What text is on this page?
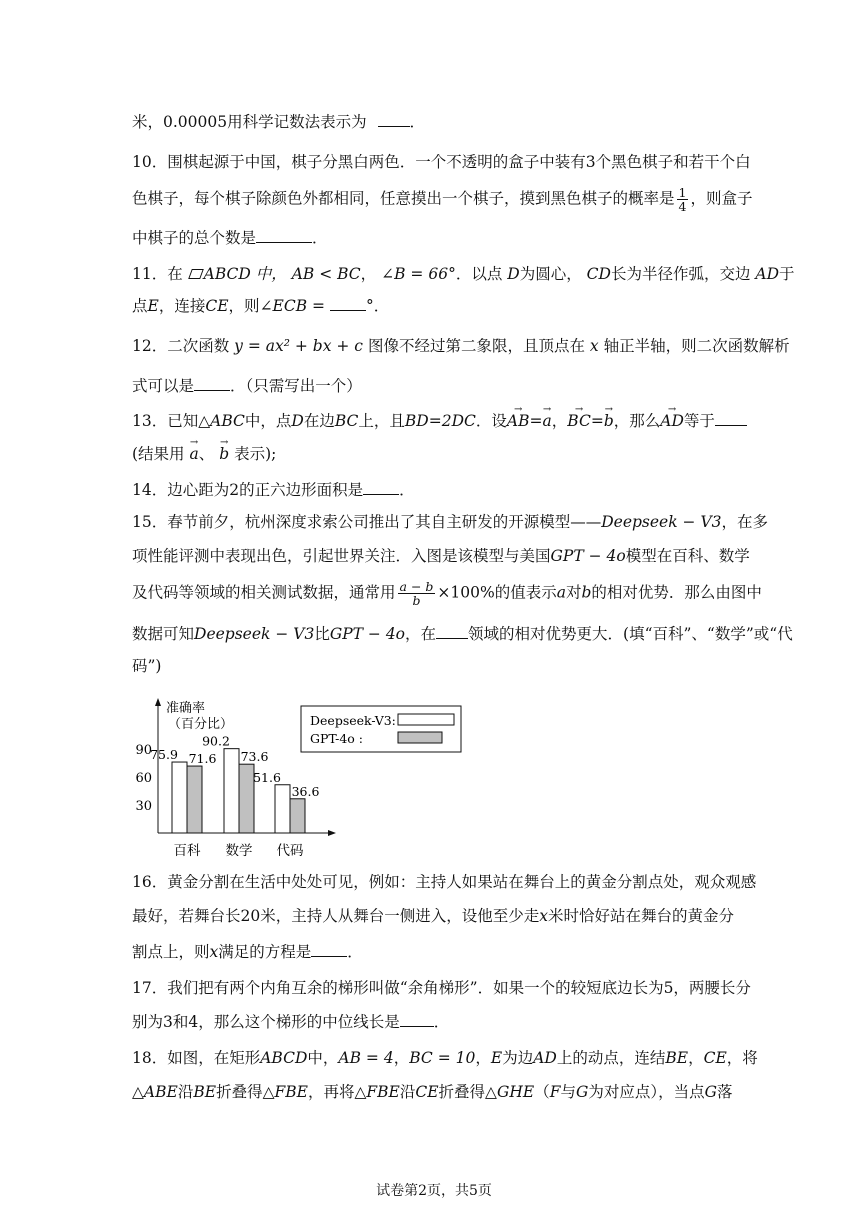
米，0.00005用科学记数法表示为	．
10．围棋起源于中国，棋子分黑白两色．一个不透明的盒子中装有3个黑色棋子和若干个白
色棋子，每个棋子除颜色外都相同，任意摸出一个棋子，摸到黑色棋子的概率是 $\frac{1}{4}$ ，则盒子
中棋子的总个数是	．
11．在 ABCD 中， AB < BC， ∠B = 66°．以点 D为圆心， CD长为半径作弧，交边 AD于
点E，连接CE，则∠ECB =	°．
12．二次函数 y = ax² + bx + c 图像不经过第二象限，且顶点在 x 轴正半轴，则二次函数解析
式可以是 ．（只需写出一个）
13．已知△ABC中，点D在边BC上，且BD=2DC．设→ AB=→ a，→ BC=→ b，那么→ AD等于
(结果用 → a、 → b 表示);
14．边心距为2的正六边形面积是 ．
15．春节前夕，杭州深度求索公司推出了其自主研发的开源模型——Deepseek − V3，在多
项性能评测中表现出色，引起世界关注．入图是该模型与美国GPT − 4o模型在百科、数学
及代码等领域的相关测试数据，通常用 $\frac{a - b}{b} \times 100\%$的值表示a对b的相对优势．那么由图中
数据可知Deepseek − V3比GPT − 4o，在 领域的相对优势更大．(填“百科”、“数学”或“代
码”)
准确率
（百分比）
30
60
90
75.9 71.6
百科
90.2
73.6
数学
51.6
36.6
代码
Deepseek-V3:
GPT-4o :
16．黄金分割在生活中处处可见，例如：主持人如果站在舞台上的黄金分割点处，观众观感
最好，若舞台长20米，主持人从舞台一侧进入，设他至少走x米时恰好站在舞台的黄金分
割点上，则x满足的方程是 ．
17．我们把有两个内角互余的梯形叫做“余角梯形”．如果一个的较短底边长为5，两腰长分
别为3和4，那么这个梯形的中位线长是 ．
18．如图，在矩形ABCD中，AB = 4，BC = 10，E为边AD上的动点，连结BE，CE，将
△ABE沿BE折叠得△FBE，再将△FBE沿CE折叠得△GHE（F与G为对应点），当点G落
试卷第2页，共5页
